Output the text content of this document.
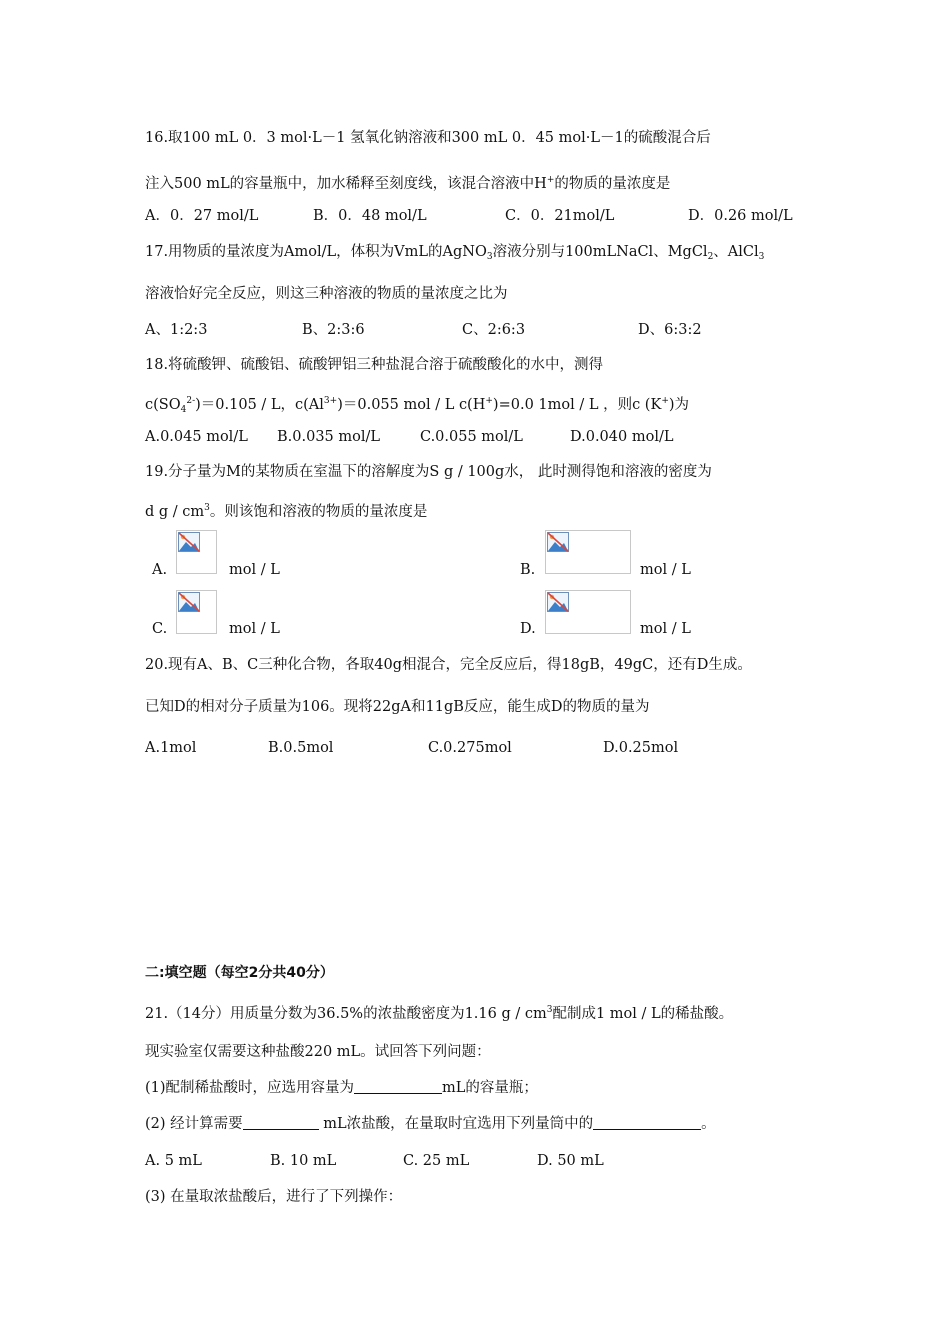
16.取100 mL 0．3 mol·L－1 氢氧化钠溶液和300 mL 0．45 mol·L－1的硫酸混合后
注入500 mL的容量瓶中，加水稀释至刻度线，该混合溶液中H+的物质的量浓度是
A．0．27 mol/L	B．0．48 mol/L	C．0．21mol/L	D．0.26 mol/L
17.用物质的量浓度为Amol/L，体积为VmL的AgNO$_3$溶液分别与100mLNaCl、MgCl$_2$、AlCl$_3$
溶液恰好完全反应，则这三种溶液的物质的量浓度之比为
A、1:2:3	B、2:3:6	C、2:6:3	D、6:3:2
18.将硫酸钾、硫酸铝、硫酸钾铝三种盐混合溶于硫酸酸化的水中，测得
$c(SO_4^{2-})=0.105 / L$，$c(Al^{3+})=0.055$ mol / L c(H+)=0.0 1mol / L ，则c (K+)为
A.0.045 mol/L B.0.035 mol/L	C.0.055 mol/L	D.0.040 mol/L
19.分子量为M的某物质在室温下的溶解度为S g / 100g水， 此时测得饱和溶液的密度为
d g / $cm^3$。则该饱和溶液的物质的量浓度是
A.	mol / L	B.	mol / L
C.	mol / L	D.	mol / L
20.现有A、B、C三种化合物，各取40g相混合，完全反应后，得18gB，49gC，还有D生成。
已知D的相对分子质量为106。现将22gA和11gB反应，能生成D的物质的量为
A.1mol	B.0.5mol	C.0.275mol	D.0.25mol
二:填空题（每空2分共40分）
21.（14分）用质量分数为36.5%的浓盐酸密度为1.16 g / $cm^3$配制成1 mol / L的稀盐酸。
现实验室仅需要这种盐酸220 mL。试回答下列问题：
(1)配制稀盐酸时，应选用容量为	mL的容量瓶；
(2) 经计算需要	mL浓盐酸，在量取时宜选用下列量筒中的	。
A. 5 mL	B. 10 mL	C. 25 mL	D. 50 mL
(3) 在量取浓盐酸后，进行了下列操作：
